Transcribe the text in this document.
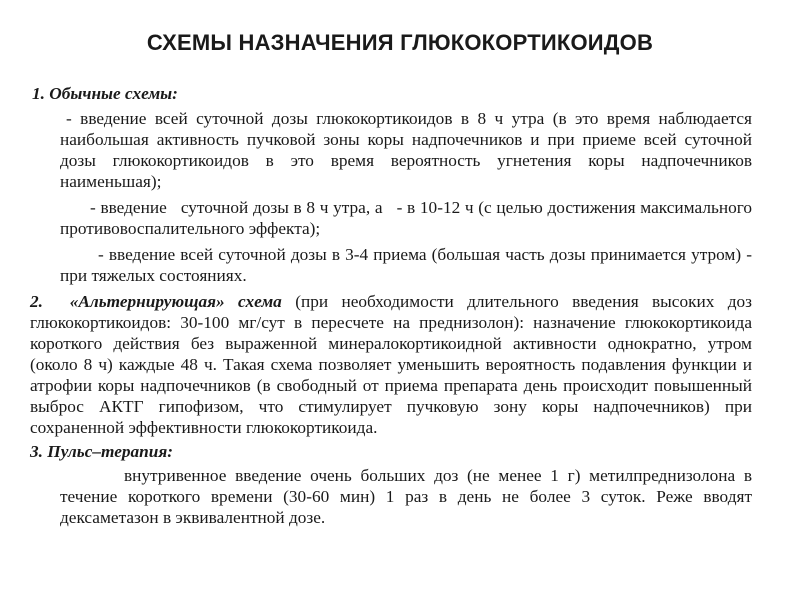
СХЕМЫ НАЗНАЧЕНИЯ ГЛЮКОКОРТИКОИДОВ
1. Обычные схемы:
- введение всей суточной дозы глюкокортикоидов в 8 ч утра (в это время наблюдается наибольшая активность пучковой зоны коры надпочечников и при приеме всей суточной дозы глюкокортикоидов в это время вероятность угнетения коры надпочечников наименьшая);
- введение суточной дозы в 8 ч утра, а - в 10-12 ч (с целью достижения максимального противовоспалительного эффекта);
- введение всей суточной дозы в 3-4 приема (большая часть дозы принимается утром) - при тяжелых состояниях.
2. «Альтернирующая» схема (при необходимости длительного введения высоких доз глюкокортикоидов: 30-100 мг/сут в пересчете на преднизолон): назначение глюкокортикоида короткого действия без выраженной минералокортикоидной активности однократно, утром (около 8 ч) каждые 48 ч. Такая схема позволяет уменьшить вероятность подавления функции и атрофии коры надпочечников (в свободный от приема препарата день происходит повышенный выброс АКТГ гипофизом, что стимулирует пучковую зону коры надпочечников) при сохраненной эффективности глюкокортикоида.
3. Пульс–терапия:
внутривенное введение очень больших доз (не менее 1 г) метилпреднизолона в течение короткого времени (30-60 мин) 1 раз в день не более 3 суток. Реже вводят дексаметазон в эквивалентной дозе.
